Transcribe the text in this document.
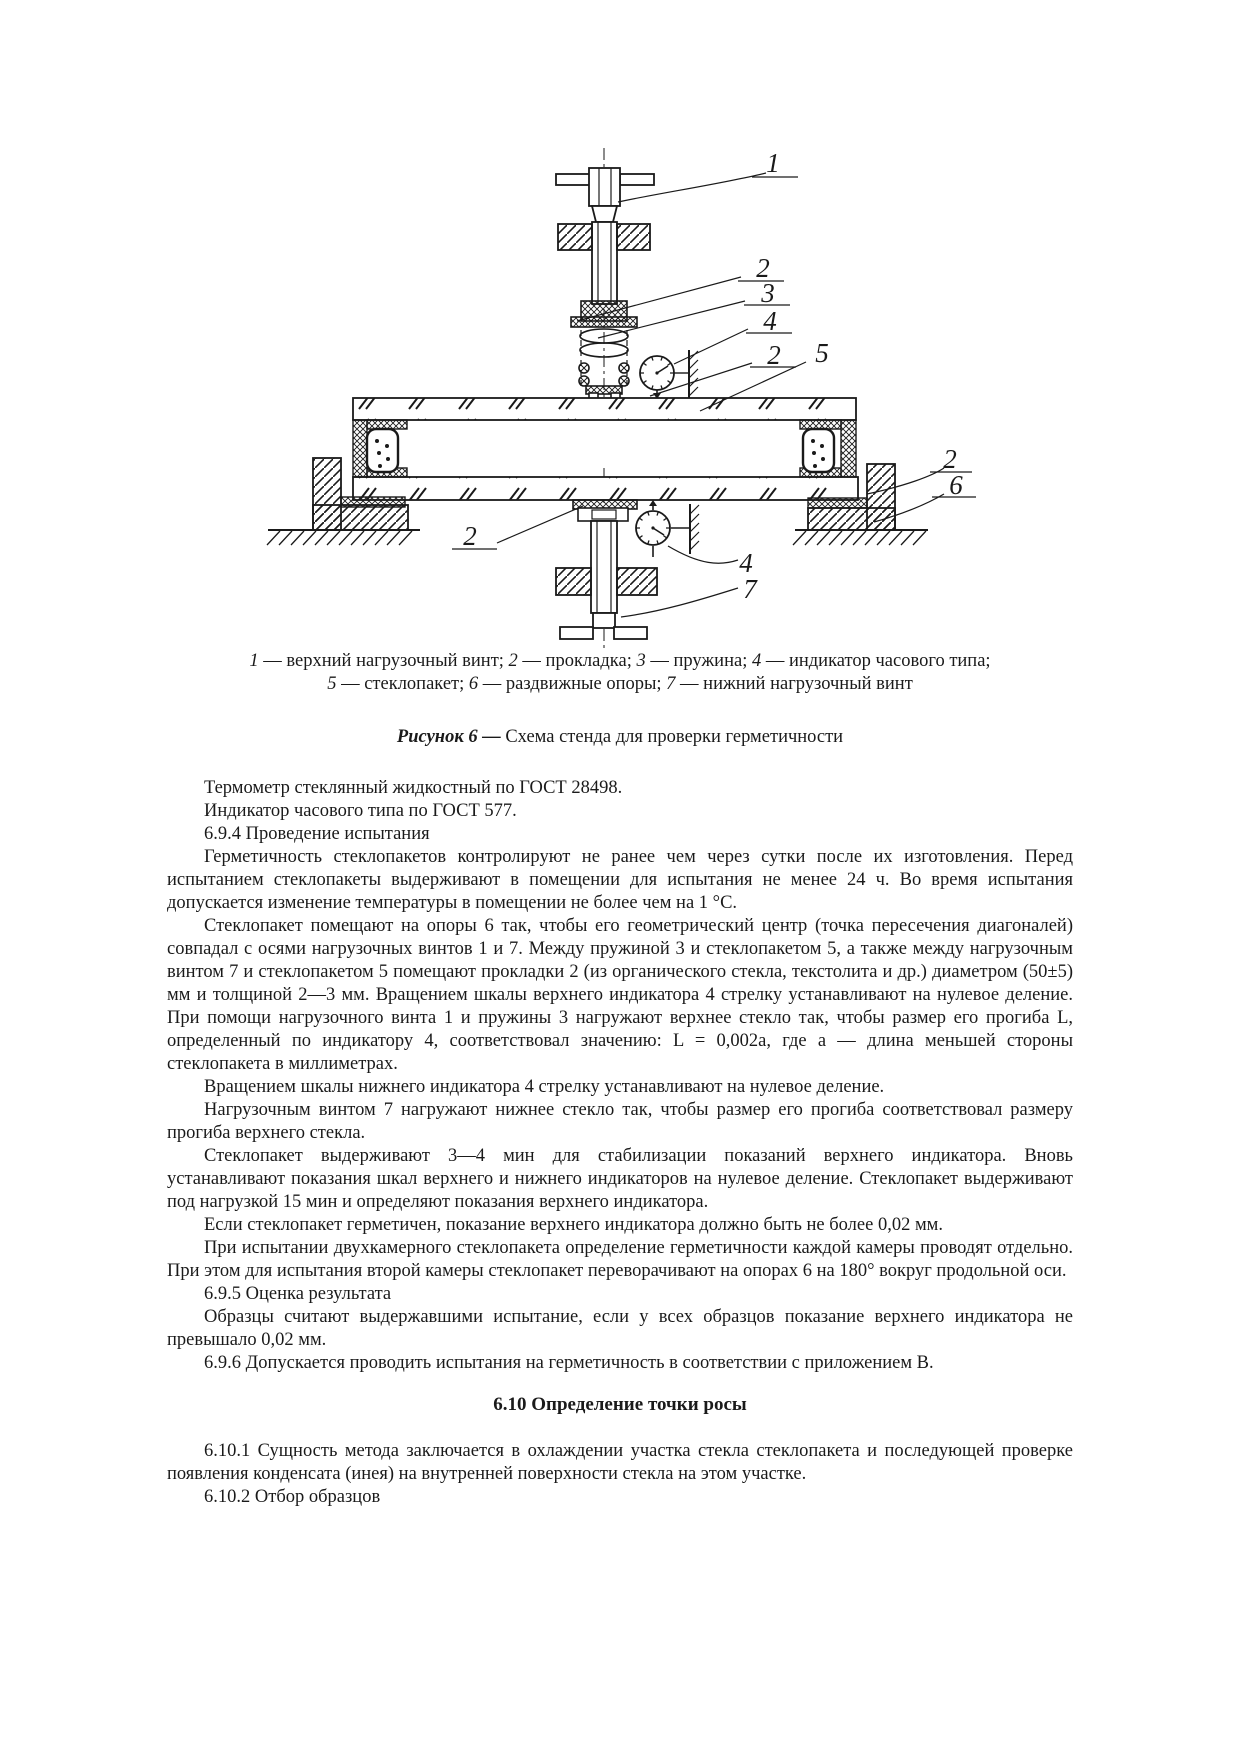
1
2
3
4
2 5
2
6
2
4
7
1 — верхний нагрузочный винт; 2 — прокладка; 3 — пружина; 4 — индикатор часового типа;
5 — стеклопакет; 6 — раздвижные опоры; 7 — нижний нагрузочный винт
Рисунок 6 — Схема стенда для проверки герметичности

Термометр стеклянный жидкостный по ГОСТ 28498.

Индикатор часового типа по ГОСТ 577.

6.9.4 Проведение испытания

Герметичность стеклопакетов контролируют не ранее чем через сутки после их изготовления. Перед испытанием стеклопакеты выдерживают в помещении для испытания не менее 24 ч. Во время испытания допускается изменение температуры в помещении не более чем на 1 °С.

Стеклопакет помещают на опоры 6 так, чтобы его геометрический центр (точка пересечения диагоналей) совпадал с осями нагрузочных винтов 1 и 7. Между пружиной 3 и стеклопакетом 5, а также между нагрузочным винтом 7 и стеклопакетом 5 помещают прокладки 2 (из органического стекла, текстолита и др.) диаметром (50±5) мм и толщиной 2—3 мм. Вращением шкалы верхнего индикатора 4 стрелку устанавливают на нулевое деление. При помощи нагрузочного винта 1 и пружины 3 нагружают верхнее стекло так, чтобы размер его прогиба L, определенный по индикатору 4, соответствовал значению: L = 0,002a, где a — длина меньшей стороны стеклопакета в миллиметрах.

Вращением шкалы нижнего индикатора 4 стрелку устанавливают на нулевое деление.

Нагрузочным винтом 7 нагружают нижнее стекло так, чтобы размер его прогиба соответствовал размеру прогиба верхнего стекла.

Стеклопакет выдерживают 3—4 мин для стабилизации показаний верхнего индикатора. Вновь устанавливают показания шкал верхнего и нижнего индикаторов на нулевое деление. Стеклопакет выдерживают под нагрузкой 15 мин и определяют показания верхнего индикатора.

Если стеклопакет герметичен, показание верхнего индикатора должно быть не более 0,02 мм.

При испытании двухкамерного стеклопакета определение герметичности каждой камеры проводят отдельно. При этом для испытания второй камеры стеклопакет переворачивают на опорах 6 на 180° вокруг продольной оси.

6.9.5 Оценка результата

Образцы считают выдержавшими испытание, если у всех образцов показание верхнего индикатора не превышало 0,02 мм.

6.9.6 Допускается проводить испытания на герметичность в соответствии с приложением В.

6.10 Определение точки росы

6.10.1 Сущность метода заключается в охлаждении участка стекла стеклопакета и последующей проверке появления конденсата (инея) на внутренней поверхности стекла на этом участке.

6.10.2 Отбор образцов
